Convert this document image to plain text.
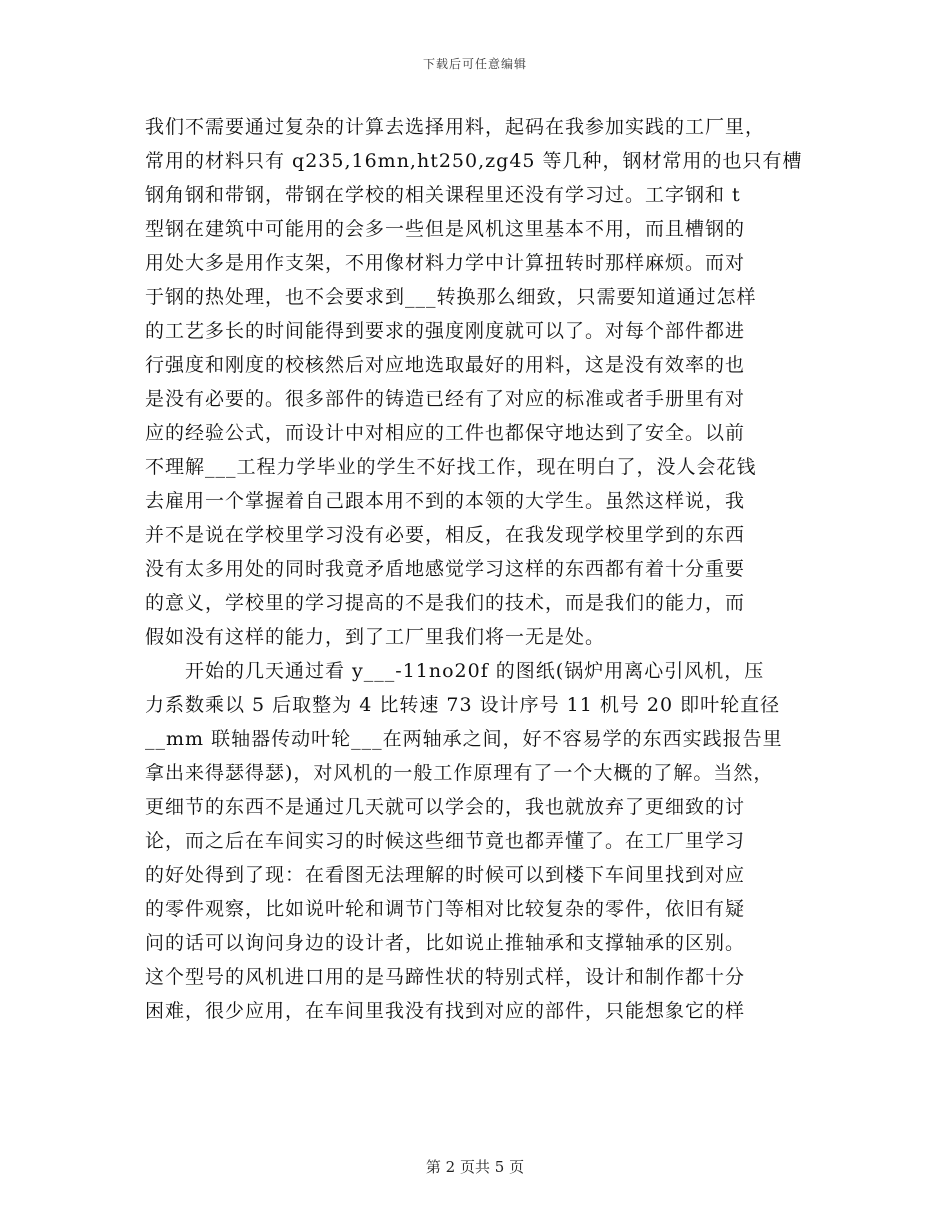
下载后可任意编辑
我们不需要通过复杂的计算去选择用料，起码在我参加实践的工厂里，
常用的材料只有 q235,16mn,ht250,zg45 等几种，钢材常用的也只有槽
钢角钢和带钢，带钢在学校的相关课程里还没有学习过。工字钢和 t
型钢在建筑中可能用的会多一些但是风机这里基本不用，而且槽钢的
用处大多是用作支架，不用像材料力学中计算扭转时那样麻烦。而对
于钢的热处理，也不会要求到___转换那么细致，只需要知道通过怎样
的工艺多长的时间能得到要求的强度刚度就可以了。对每个部件都进
行强度和刚度的校核然后对应地选取最好的用料，这是没有效率的也
是没有必要的。很多部件的铸造已经有了对应的标准或者手册里有对
应的经验公式，而设计中对相应的工件也都保守地达到了安全。以前
不理解___工程力学毕业的学生不好找工作，现在明白了，没人会花钱
去雇用一个掌握着自己跟本用不到的本领的大学生。虽然这样说，我
并不是说在学校里学习没有必要，相反，在我发现学校里学到的东西
没有太多用处的同时我竟矛盾地感觉学习这样的东西都有着十分重要
的意义，学校里的学习提高的不是我们的技术，而是我们的能力，而
假如没有这样的能力，到了工厂里我们将一无是处。
开始的几天通过看 y___-11no20f 的图纸(锅炉用离心引风机，压
力系数乘以 5 后取整为 4 比转速 73 设计序号 11 机号 20 即叶轮直径
__mm 联轴器传动叶轮___在两轴承之间，好不容易学的东西实践报告里
拿出来得瑟得瑟)，对风机的一般工作原理有了一个大概的了解。当然，
更细节的东西不是通过几天就可以学会的，我也就放弃了更细致的讨
论，而之后在车间实习的时候这些细节竟也都弄懂了。在工厂里学习
的好处得到了现：在看图无法理解的时候可以到楼下车间里找到对应
的零件观察，比如说叶轮和调节门等相对比较复杂的零件，依旧有疑
问的话可以询问身边的设计者，比如说止推轴承和支撑轴承的区别。
这个型号的风机进口用的是马蹄性状的特别式样，设计和制作都十分
困难，很少应用，在车间里我没有找到对应的部件，只能想象它的样
第 2 页共 5 页
